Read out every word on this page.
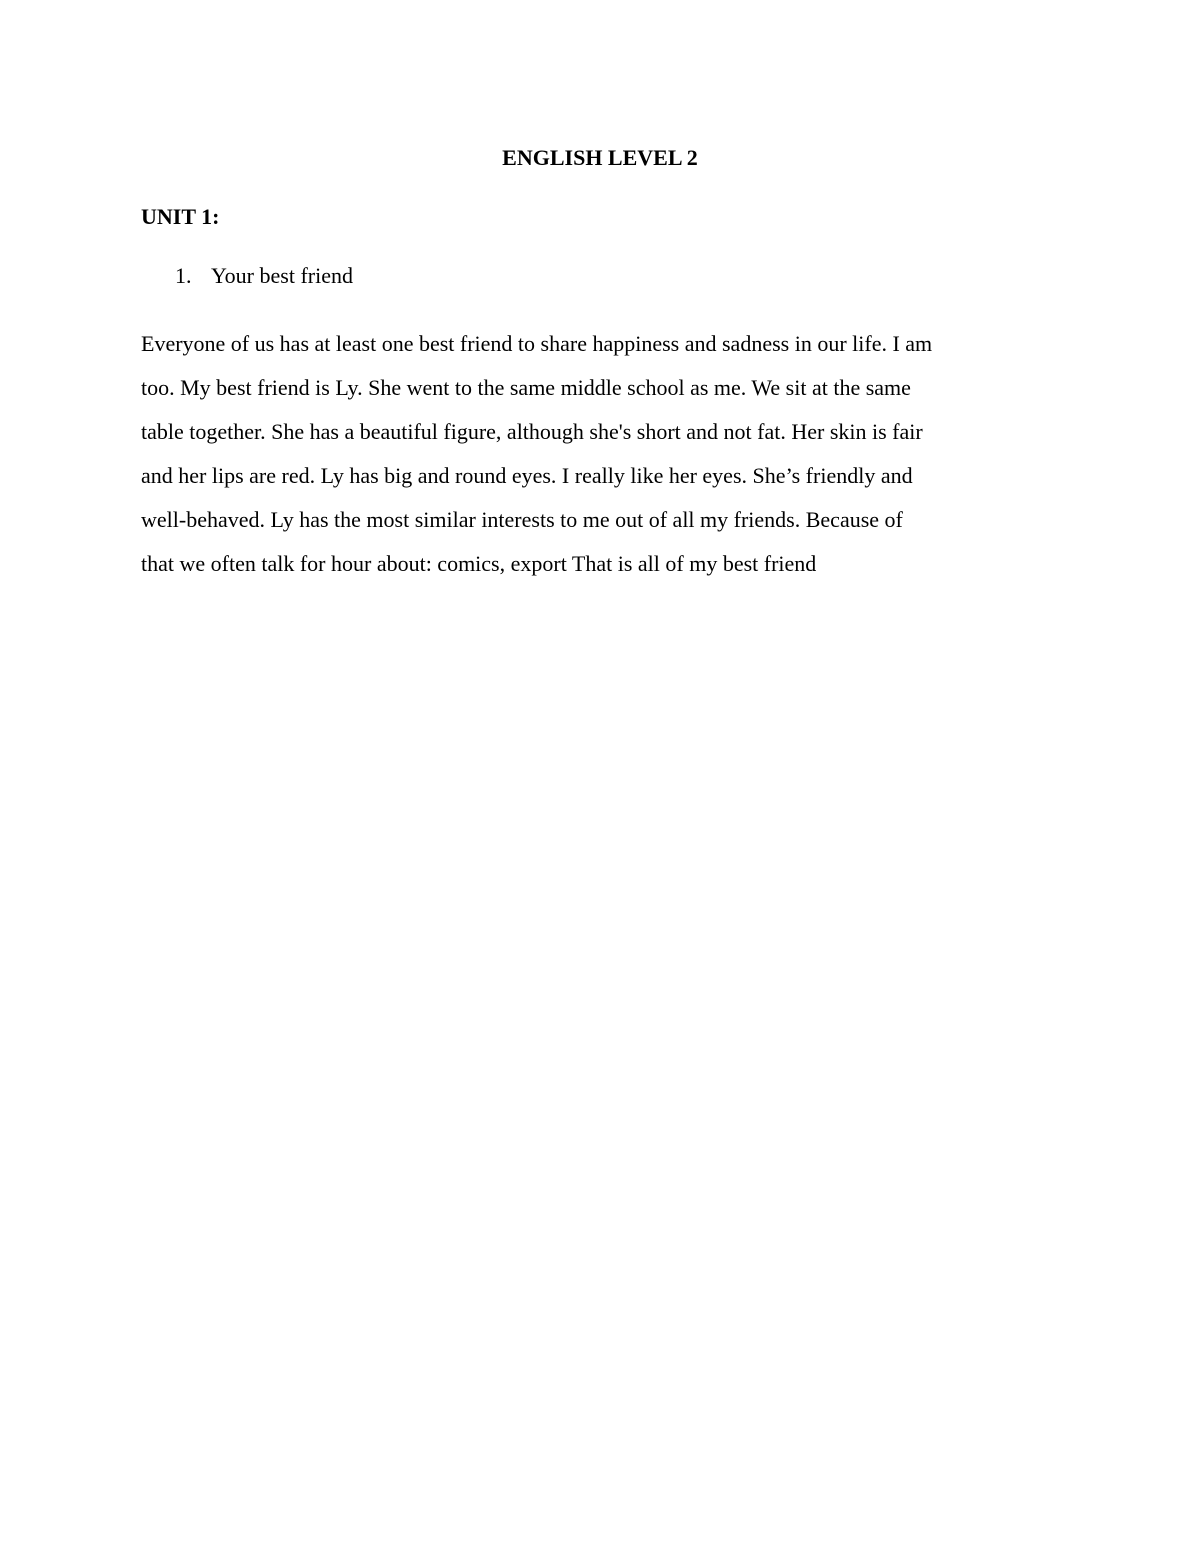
ENGLISH LEVEL 2
UNIT 1:
1. Your best friend

Everyone of us has at least one best friend to share happiness and sadness in our life. I am
too. My best friend is Ly. She went to the same middle school as me. We sit at the same
table together. She has a beautiful figure, although she's short and not fat. Her skin is fair
and her lips are red. Ly has big and round eyes. I really like her eyes. She’s friendly and
well-behaved. Ly has the most similar interests to me out of all my friends. Because of
that we often talk for hour about: comics, export That is all of my best friend
